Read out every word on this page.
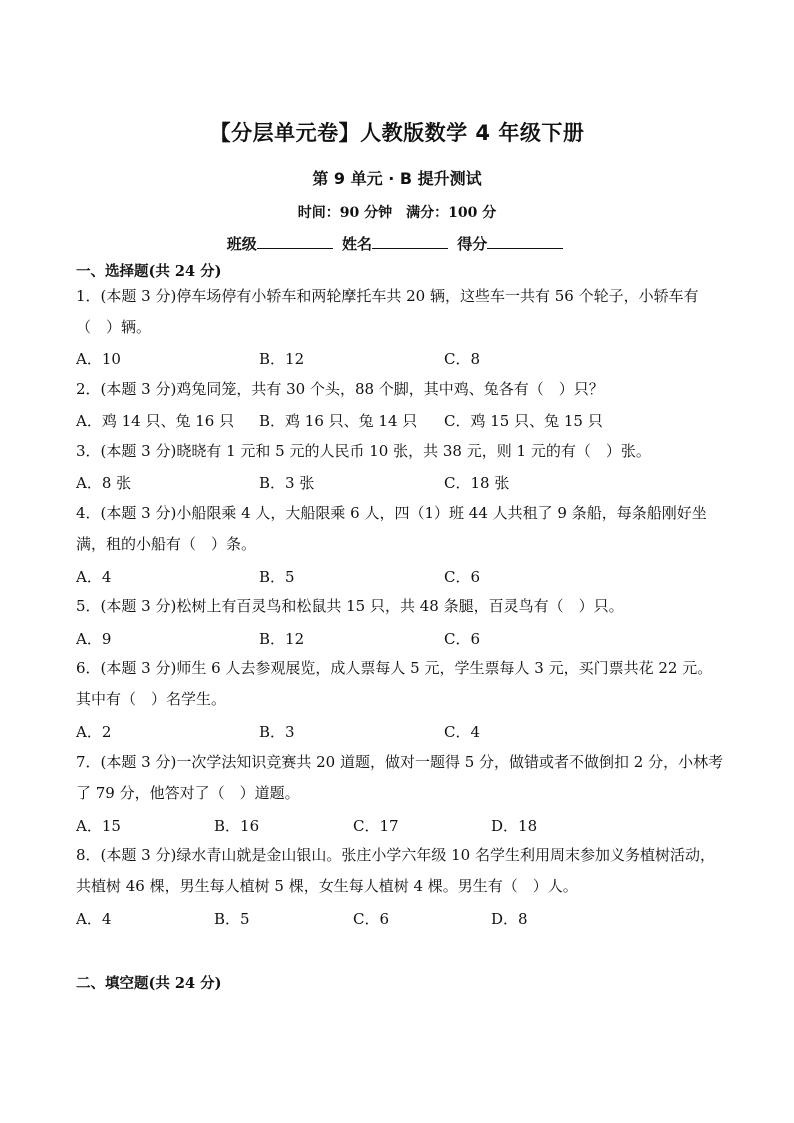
【分层单元卷】人教版数学 4 年级下册
第 9 单元 · B 提升测试
时间：90 分钟　满分：100 分
班级	姓名	得分
一、选择题(共 24 分)
1．(本题 3 分)停车场停有小轿车和两轮摩托车共 20 辆，这些车一共有 56 个轮子，小轿车有（　）辆。
A．10	B．12	C．8
2．(本题 3 分)鸡兔同笼，共有 30 个头，88 个脚，其中鸡、兔各有（　）只？
A．鸡 14 只、兔 16 只 B．鸡 16 只、兔 14 只 C．鸡 15 只、兔 15 只
3．(本题 3 分)晓晓有 1 元和 5 元的人民币 10 张，共 38 元，则 1 元的有（　）张。
A．8 张	B．3 张	C．18 张
4．(本题 3 分)小船限乘 4 人，大船限乘 6 人，四（1）班 44 人共租了 9 条船，每条船刚好坐满，租的小船有（　）条。
A．4	B．5	C．6
5．(本题 3 分)松树上有百灵鸟和松鼠共 15 只，共 48 条腿，百灵鸟有（　）只。
A．9	B．12	C．6
6．(本题 3 分)师生 6 人去参观展览，成人票每人 5 元，学生票每人 3 元，买门票共花 22 元。其中有（　）名学生。
A．2	B．3	C．4
7．(本题 3 分)一次学法知识竞赛共 20 道题，做对一题得 5 分，做错或者不做倒扣 2 分，小林考了 79 分，他答对了（　）道题。
A．15	B．16	C．17	D．18
8．(本题 3 分)绿水青山就是金山银山。张庄小学六年级 10 名学生利用周末参加义务植树活动，共植树 46 棵，男生每人植树 5 棵，女生每人植树 4 棵。男生有（　）人。
A．4	B．5	C．6	D．8
二、填空题(共 24 分)
